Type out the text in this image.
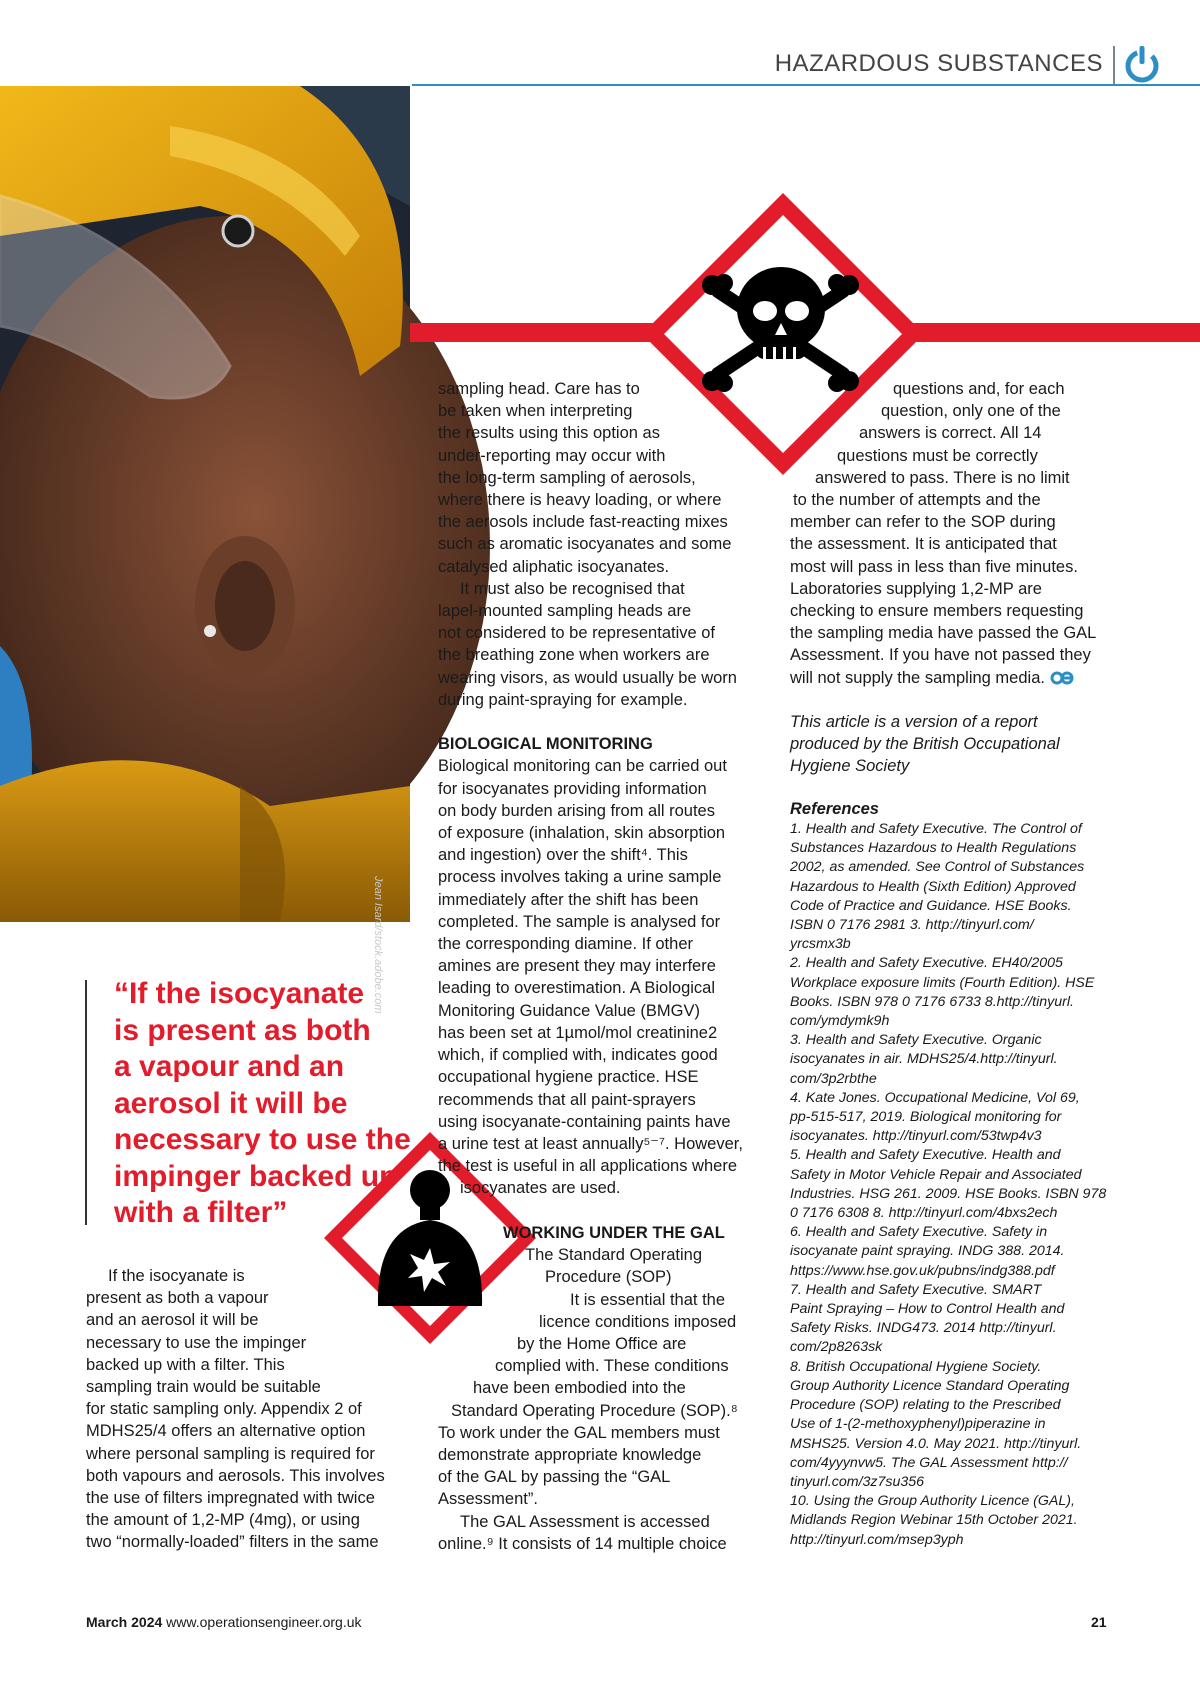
HAZARDOUS SUBSTANCES
Jean Isard/stock.adobe.com
“If the isocyanate
is present as both
a vapour and an
aerosol it will be
necessary to use the
impinger backed up
with a filter”
If the isocyanate is
present as both a vapour
and an aerosol it will be
necessary to use the impinger
backed up with a filter. This
sampling train would be suitable
for static sampling only. Appendix 2 of
MDHS25/4 offers an alternative option
where personal sampling is required for
both vapours and aerosols. This involves
the use of filters impregnated with twice
the amount of 1,2-MP (4mg), or using
two “normally-loaded” filters in the same
sampling head. Care has to
be taken when interpreting
the results using this option as
under-reporting may occur with
the long-term sampling of aerosols,
where there is heavy loading, or where
the aerosols include fast-reacting mixes
such as aromatic isocyanates and some
catalysed aliphatic isocyanates.
It must also be recognised that
lapel-mounted sampling heads are
not considered to be representative of
the breathing zone when workers are
wearing visors, as would usually be worn
during paint-spraying for example.

BIOLOGICAL MONITORING
Biological monitoring can be carried out
for isocyanates providing information
on body burden arising from all routes
of exposure (inhalation, skin absorption
and ingestion) over the shift⁴. This
process involves taking a urine sample
immediately after the shift has been
completed. The sample is analysed for
the corresponding diamine. If other
amines are present they may interfere
leading to overestimation. A Biological
Monitoring Guidance Value (BMGV)
has been set at 1µmol/mol creatinine2
which, if complied with, indicates good
occupational hygiene practice. HSE
recommends that all paint-sprayers
using isocyanate-containing paints have
a urine test at least annually⁵⁻⁷. However,
the test is useful in all applications where
isocyanates are used.
WORKING UNDER THE GAL
The Standard Operating
Procedure (SOP)
It is essential that the
licence conditions imposed
by the Home Office are
complied with. These conditions
have been embodied into the
Standard Operating Procedure (SOP).⁸
To work under the GAL members must
demonstrate appropriate knowledge
of the GAL by passing the “GAL
Assessment”.
The GAL Assessment is accessed
online.⁹ It consists of 14 multiple choice
questions and, for each
question, only one of the
answers is correct. All 14
questions must be correctly
answered to pass. There is no limit
to the number of attempts and the
member can refer to the SOP during
the assessment. It is anticipated that
most will pass in less than five minutes.
Laboratories supplying 1,2-MP are
checking to ensure members requesting
the sampling media have passed the GAL
Assessment. If you have not passed they
will not supply the sampling media.

This article is a version of a report
produced by the British Occupational
Hygiene Society
References
1. Health and Safety Executive. The Control of
Substances Hazardous to Health Regulations
2002, as amended. See Control of Substances
Hazardous to Health (Sixth Edition) Approved
Code of Practice and Guidance. HSE Books.
ISBN 0 7176 2981 3. http://tinyurl.com/
yrcsmx3b
2. Health and Safety Executive. EH40/2005
Workplace exposure limits (Fourth Edition). HSE
Books. ISBN 978 0 7176 6733 8.http://tinyurl.
com/ymdymk9h
3. Health and Safety Executive. Organic
isocyanates in air. MDHS25/4.http://tinyurl.
com/3p2rbthe
4. Kate Jones. Occupational Medicine, Vol 69,
pp-515-517, 2019. Biological monitoring for
isocyanates. http://tinyurl.com/53twp4v3
5. Health and Safety Executive. Health and
Safety in Motor Vehicle Repair and Associated
Industries. HSG 261. 2009. HSE Books. ISBN 978
0 7176 6308 8. http://tinyurl.com/4bxs2ech
6. Health and Safety Executive. Safety in
isocyanate paint spraying. INDG 388. 2014.
https://www.hse.gov.uk/pubns/indg388.pdf
7. Health and Safety Executive. SMART
Paint Spraying – How to Control Health and
Safety Risks. INDG473. 2014 http://tinyurl.
com/2p8263sk
8. British Occupational Hygiene Society.
Group Authority Licence Standard Operating
Procedure (SOP) relating to the Prescribed
Use of 1-(2-methoxyphenyl)piperazine in
MSHS25. Version 4.0. May 2021. http://tinyurl.
com/4yyynvw5. The GAL Assessment http://
tinyurl.com/3z7su356
10. Using the Group Authority Licence (GAL),
Midlands Region Webinar 15th October 2021.
http://tinyurl.com/msep3yph
March 2024 www.operationsengineer.org.uk	21
